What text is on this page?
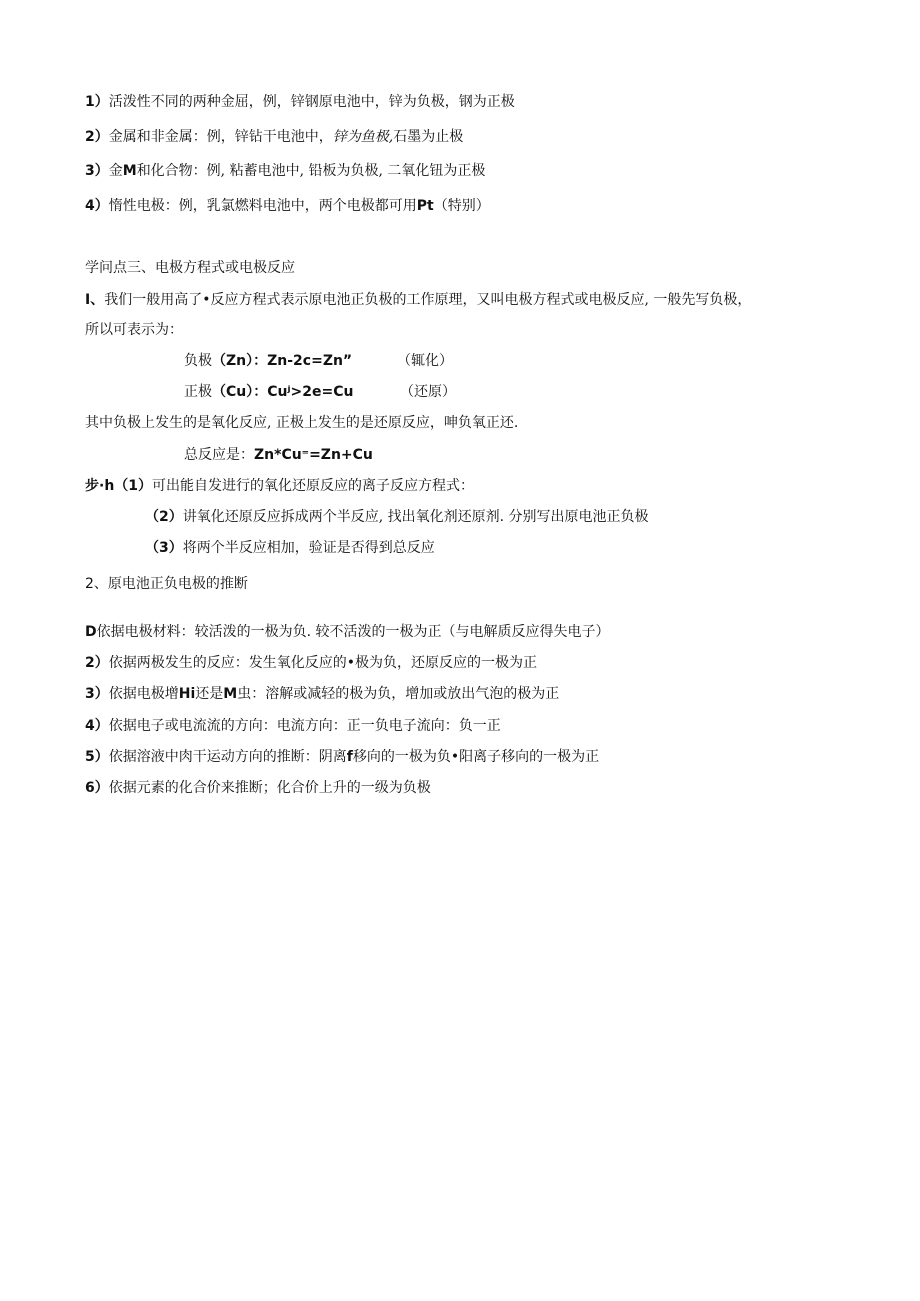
1）活泼性不同的两种金屈，例，锌钢原电池中，锌为负极，钢为正极
2）金属和非金属：例，锌钻干电池中，锌为鱼极,石墨为止极
3）金M和化合物：例, 粘蓄电池中, 铅板为负极, 二氧化钮为正极
4）惰性电极：例，乳氯燃料电池中，两个电极都可用Pt（特别）
学问点三、电极方程式或电极反应
I、我们一般用高了•反应方程式表示原电池正负极的工作原理，又叫电极方程式或电极反应, 一般先写负极，
所以可表示为：
负极（Zn）：Zn-2c=Zn”	（辄化）
正极（Cu）：Cuʲ>2e=Cu	（还原）
其中负极上发生的是氧化反应, 正极上发生的是还原反应，呻负氧正还.
总反应是：Zn*Cu⁼=Zn+Cu
步·h（1）可出能自发进行的氧化还原反应的离子反应方程式：
（2）讲氧化还原反应拆成两个半反应, 找出氧化剂还原剂. 分别写出原电池正负极
（3）将两个半反应相加，验证是否得到总反应
2、原电池正负电极的推断
D依据电极材料：较活泼的一极为负. 较不活泼的一极为正（与电解质反应得失电子）
2）依据两极发生的反应：发生氧化反应的•极为负，还原反应的一极为正
3）依据电极增Hi还是M虫：溶解或减轻的极为负，增加或放出气泡的极为正
4）依据电子或电流流的方向：电流方向：正一负电子流向：负一正
5）依据溶液中肉干运动方向的推断：阴离f移向的一极为负•阳离子移向的一极为正
6）依据元素的化合价来推断；化合价上升的一级为负极
